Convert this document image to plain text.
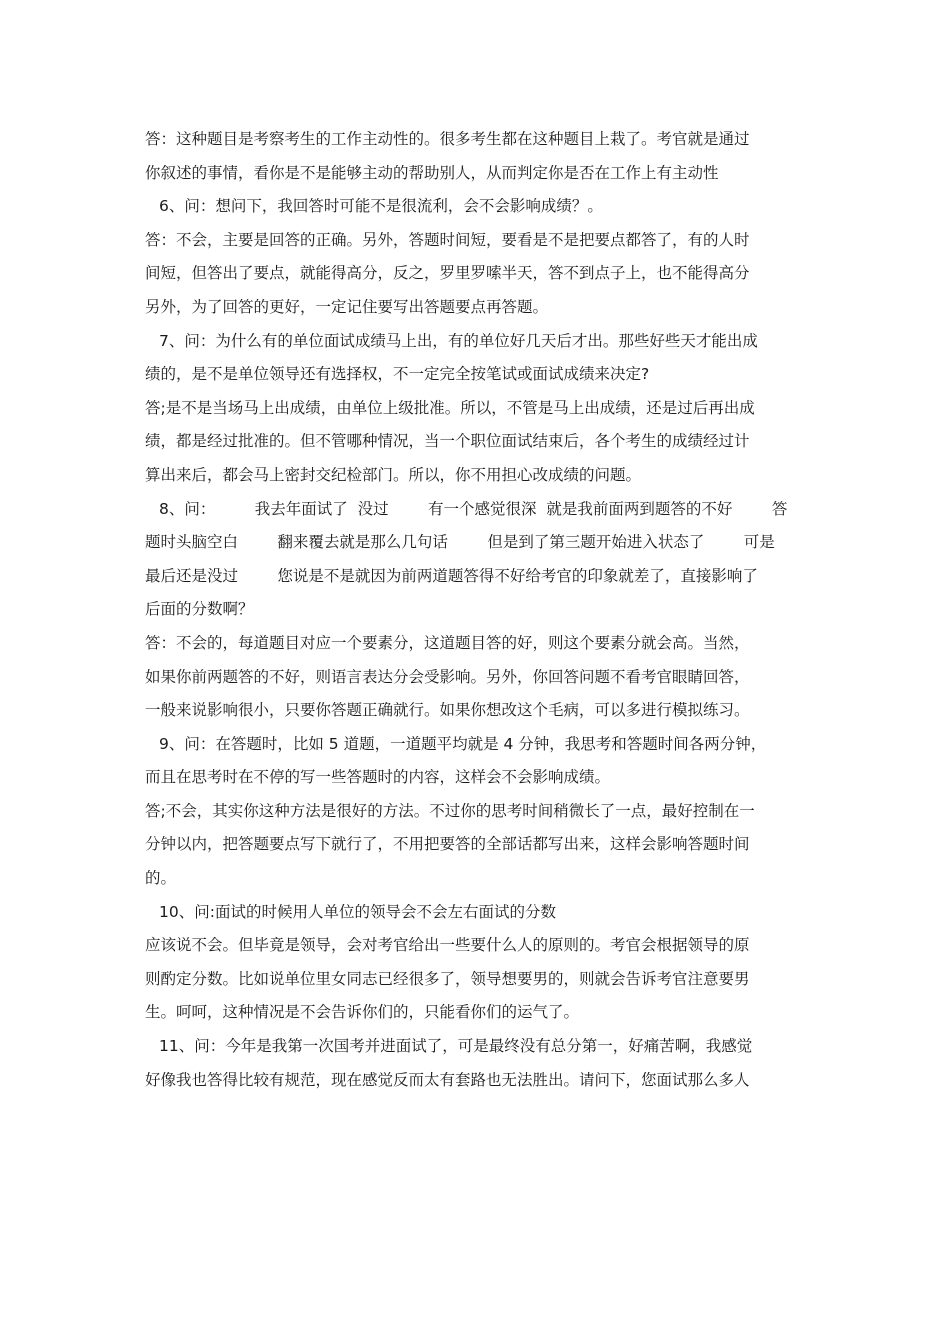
答：这种题目是考察考生的工作主动性的。很多考生都在这种题目上栽了。考官就是通过
你叙述的事情，看你是不是能够主动的帮助别人，从而判定你是否在工作上有主动性
6、问：想问下，我回答时可能不是很流利，会不会影响成绩？。
答：不会，主要是回答的正确。另外，答题时间短，要看是不是把要点都答了，有的人时
间短，但答出了要点，就能得高分，反之，罗里罗嗦半天，答不到点子上，也不能得高分
另外，为了回答的更好，一定记住要写出答题要点再答题。
7、问：为什么有的单位面试成绩马上出，有的单位好几天后才出。那些好些天才能出成
绩的，是不是单位领导还有选择权，不一定完全按笔试或面试成绩来决定?
答;是不是当场马上出成绩，由单位上级批准。所以，不管是马上出成绩，还是过后再出成
绩，都是经过批准的。但不管哪种情况，当一个职位面试结束后，各个考生的成绩经过计
算出来后，都会马上密封交纪检部门。所以，你不用担心改成绩的问题。
8、问：        我去年面试了  没过        有一个感觉很深  就是我前面两到题答的不好        答
题时头脑空白        翻来覆去就是那么几句话        但是到了第三题开始进入状态了        可是
最后还是没过        您说是不是就因为前两道题答得不好给考官的印象就差了，直接影响了
后面的分数啊？
答：不会的，每道题目对应一个要素分，这道题目答的好，则这个要素分就会高。当然，
如果你前两题答的不好，则语言表达分会受影响。另外，你回答问题不看考官眼睛回答，
一般来说影响很小，只要你答题正确就行。如果你想改这个毛病，可以多进行模拟练习。
9、问：在答题时，比如 5 道题，一道题平均就是 4 分钟，我思考和答题时间各两分钟，
而且在思考时在不停的写一些答题时的内容，这样会不会影响成绩。
答;不会，其实你这种方法是很好的方法。不过你的思考时间稍微长了一点，最好控制在一
分钟以内，把答题要点写下就行了，不用把要答的全部话都写出来，这样会影响答题时间
的。
10、问:面试的时候用人单位的领导会不会左右面试的分数
应该说不会。但毕竟是领导，会对考官给出一些要什么人的原则的。考官会根据领导的原
则酌定分数。比如说单位里女同志已经很多了，领导想要男的，则就会告诉考官注意要男
生。呵呵，这种情况是不会告诉你们的，只能看你们的运气了。
11、问：今年是我第一次国考并进面试了，可是最终没有总分第一，好痛苦啊，我感觉
好像我也答得比较有规范，现在感觉反而太有套路也无法胜出。请问下，您面试那么多人
